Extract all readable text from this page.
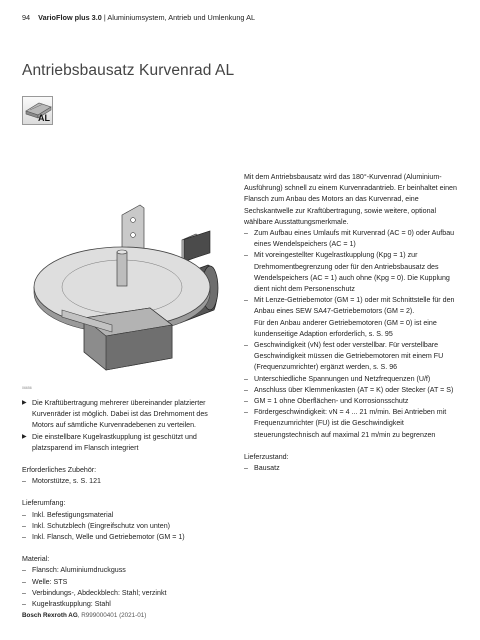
94 VarioFlow plus 3.0 | Aluminiumsystem, Antrieb und Umlenkung AL
Antriebsbausatz Kurvenrad AL
AL
06656
▶ Die Kraftübertragung mehrerer übereinander platzierter Kurvenräder ist möglich. Dabei ist das Drehmoment des Motors auf sämtliche Kurvenradebenen zu verteilen.
▶ Die einstellbare Kugelrastkupplung ist geschützt und platzsparend im Flansch integriert

Erforderliches Zubehör:

– Motorstütze, s. S. 121

Lieferumfang:

– Inkl. Befestigungsmaterial
– Inkl. Schutzblech (Eingreifschutz von unten)
– Inkl. Flansch, Welle und Getriebemotor (GM = 1)

Material:

– Flansch: Aluminiumdruckguss
– Welle: STS
– Verbindungs-, Abdeckblech: Stahl; verzinkt
– Kugelrastkupplung: Stahl

Mit dem Antriebsbausatz wird das 180°-Kurvenrad (Aluminium-Ausführung) schnell zu einem Kurvenradantrieb. Er beinhaltet einen Flansch zum Anbau des Motors an das Kurvenrad, eine Sechskantwelle zur Kraftübertragung, sowie weitere, optional wählbare Ausstattungsmerkmale.

– Zum Aufbau eines Umlaufs mit Kurvenrad (AC = 0) oder Aufbau eines Wendelspeichers (AC = 1)
– Mit voreingestellter Kugelrastkupplung (Kpg = 1) zur Drehmomentbegrenzung oder für den Antriebsbausatz des Wendelspeichers (AC = 1) auch ohne (Kpg = 0). Die Kupplung dient nicht dem Personenschutz
– Mit Lenze-Getriebemotor (GM = 1) oder mit Schnittstelle für den Anbau eines SEW SA47-Getriebemotors (GM = 2).
Für den Anbau anderer Getriebemotoren (GM = 0) ist eine kundenseitige Adaption erforderlich, s. S. 95
– Geschwindigkeit (vN) fest oder verstellbar. Für verstellbare Geschwindigkeit müssen die Getriebemotoren mit einem FU (Frequenzumrichter) ergänzt werden, s. S. 96
– Unterschiedliche Spannungen und Netzfrequenzen (U/f)
– Anschluss über Klemmenkasten (AT = K) oder Stecker (AT = S)
– GM = 1 ohne Oberflächen- und Korrosionsschutz
– Fördergeschwindigkeit: vN = 4 ... 21 m/min. Bei Antrieben mit Frequenzumrichter (FU) ist die Geschwindigkeit steuerungstechnisch auf maximal 21 m/min zu begrenzen

Lieferzustand:

– Bausatz
Bosch Rexroth AG, R999000401 (2021-01)
